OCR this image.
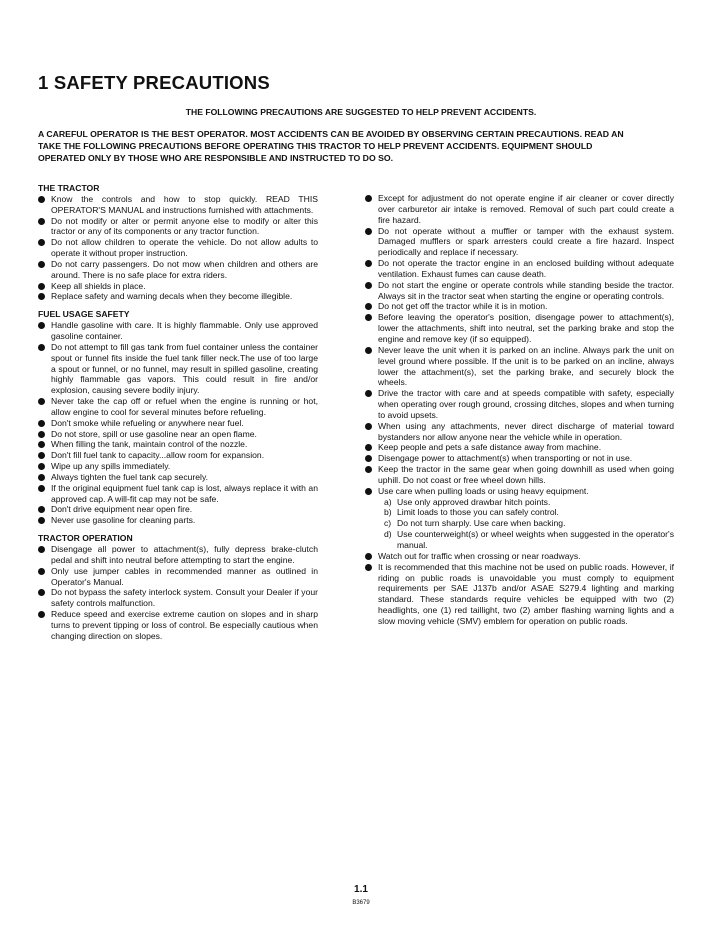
1 SAFETY PRECAUTIONS
THE FOLLOWING PRECAUTIONS ARE SUGGESTED TO HELP PREVENT ACCIDENTS.
A CAREFUL OPERATOR IS THE BEST OPERATOR. MOST ACCIDENTS CAN BE AVOIDED BY OBSERVING CERTAIN PRECAUTIONS. READ AN
TAKE THE FOLLOWING PRECAUTIONS BEFORE OPERATING THIS TRACTOR TO HELP PREVENT ACCIDENTS. EQUIPMENT SHOULD
OPERATED ONLY BY THOSE WHO ARE RESPONSIBLE AND INSTRUCTED TO DO SO.
THE TRACTOR
Know the controls and how to stop quickly. READ THIS OPERATOR'S MANUAL and instructions furnished with attachments.
Do not modify or alter or permit anyone else to modify or alter this tractor or any of its components or any tractor function.
Do not allow children to operate the vehicle. Do not allow adults to operate it without proper instruction.
Do not carry passengers. Do not mow when children and others are around. There is no safe place for extra riders.
Keep all shields in place.
Replace safety and warning decals when they become illegible.
FUEL USAGE SAFETY
Handle gasoline with care. It is highly flammable. Only use approved gasoline container.
Do not attempt to fill gas tank from fuel container unless the container spout or funnel fits inside the fuel tank filler neck.The use of too large a spout or funnel, or no funnel, may result in spilled gasoline, creating highly flammable gas vapors. This could result in fire and/or explosion, causing severe bodily injury.
Never take the cap off or refuel when the engine is running or hot, allow engine to cool for several minutes before refueling.
Don't smoke while refueling or anywhere near fuel.
Do not store, spill or use gasoline near an open flame.
When filling the tank, maintain control of the nozzle.
Don't fill fuel tank to capacity...allow room for expansion.
Wipe up any spills immediately.
Always tighten the fuel tank cap securely.
If the original equipment fuel tank cap is lost, always replace it with an approved cap. A will-fit cap may not be safe.
Don't drive equipment near open fire.
Never use gasoline for cleaning parts.
TRACTOR OPERATION
Disengage all power to attachment(s), fully depress brake-clutch pedal and shift into neutral before attempting to start the engine.
Only use jumper cables in recommended manner as outlined in Operator's Manual.
Do not bypass the safety interlock system. Consult your Dealer if your safety controls malfunction.
Reduce speed and exercise extreme caution on slopes and in sharp turns to prevent tipping or loss of control. Be especially cautious when changing direction on slopes.
Except for adjustment do not operate engine if air cleaner or cover directly over carburetor air intake is removed. Removal of such part could create a fire hazard.
Do not operate without a muffler or tamper with the exhaust system. Damaged mufflers or spark arresters could create a fire hazard. Inspect periodically and replace if necessary.
Do not operate the tractor engine in an enclosed building without adequate ventilation. Exhaust fumes can cause death.
Do not start the engine or operate controls while standing beside the tractor. Always sit in the tractor seat when starting the engine or operating controls.
Do not get off the tractor while it is in motion.
Before leaving the operator's position, disengage power to attachment(s), lower the attachments, shift into neutral, set the parking brake and stop the engine and remove key (if so equipped).
Never leave the unit when it is parked on an incline. Always park the unit on level ground where possible. If the unit is to be parked on an incline, always lower the attachment(s), set the parking brake, and securely block the wheels.
Drive the tractor with care and at speeds compatible with safety, especially when operating over rough ground, crossing ditches, slopes and when turning to avoid upsets.
When using any attachments, never direct discharge of material toward bystanders nor allow anyone near the vehicle while in operation.
Keep people and pets a safe distance away from machine.
Disengage power to attachment(s) when transporting or not in use.
Keep the tractor in the same gear when going downhill as used when going uphill. Do not coast or free wheel down hills.
Use care when pulling loads or using heavy equipment.
a) Use only approved drawbar hitch points.
b) Limit loads to those you can safely control.
c) Do not turn sharply. Use care when backing.
d) Use counterweight(s) or wheel weights when suggested in the operator's manual.
Watch out for traffic when crossing or near roadways.
It is recommended that this machine not be used on public roads. However, if riding on public roads is unavoidable you must comply to equipment requirements per SAE J137b and/or ASAE S279.4 lighting and marking standard. These standards require vehicles be equipped with two (2) headlights, one (1) red taillight, two (2) amber flashing warning lights and a slow moving vehicle (SMV) emblem for operation on public roads.
1.1
B3679
